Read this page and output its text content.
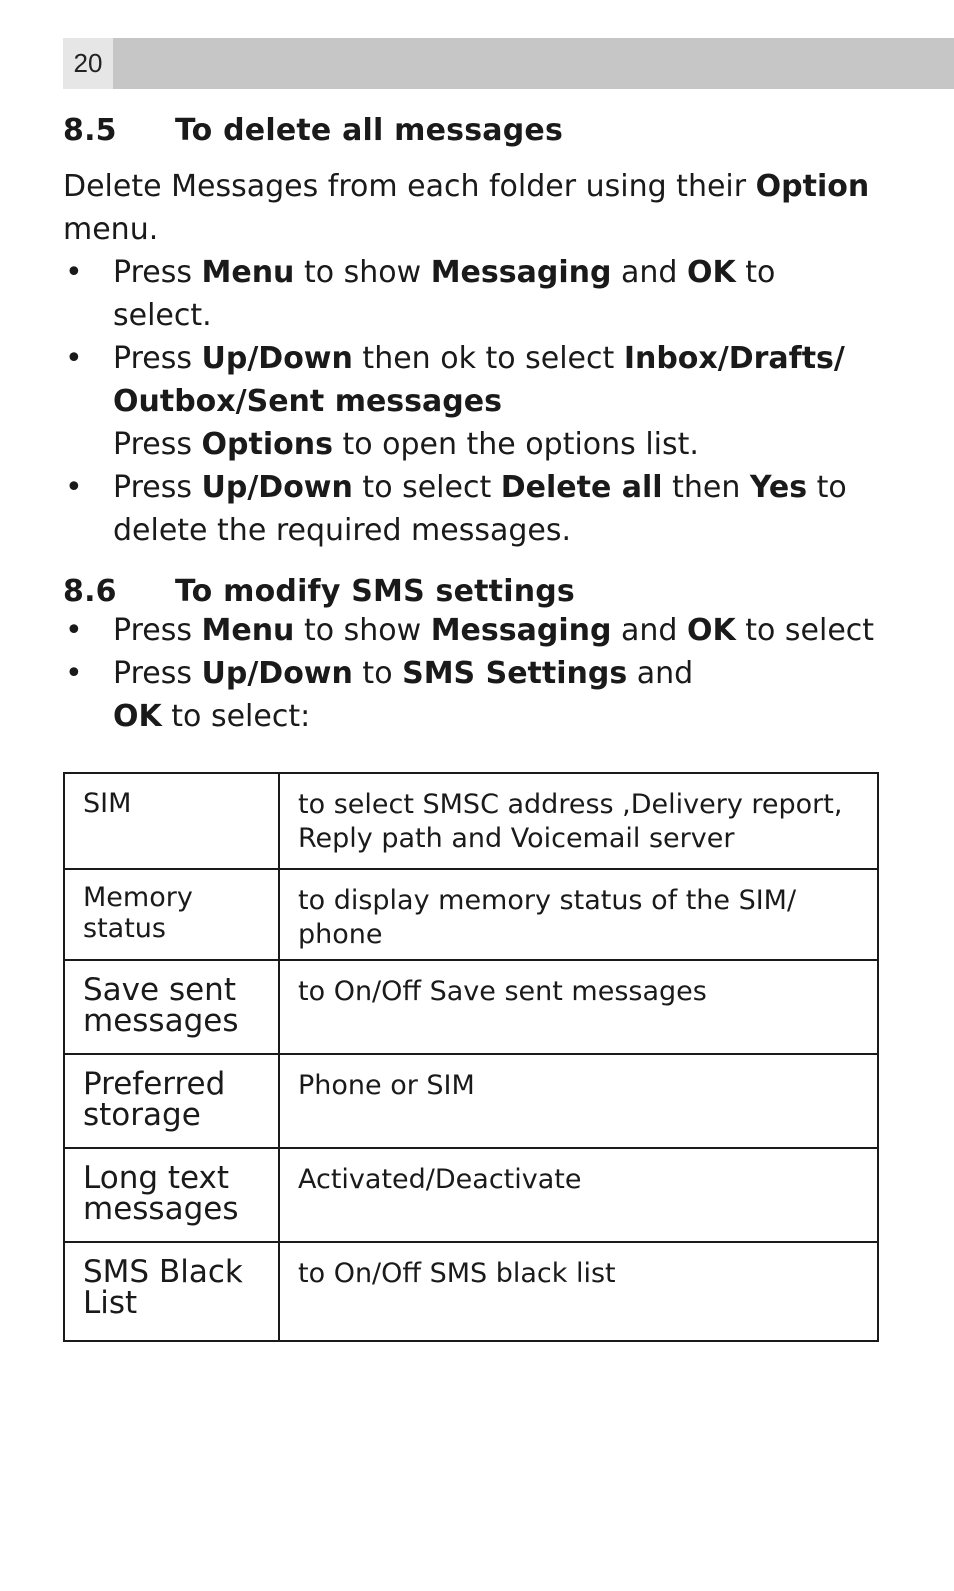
20
8.5 To delete all messages

Delete Messages from each folder using their Option menu.

• Press Menu to show Messaging and OK to select.
• Press Up/Down then ok to select Inbox/Drafts/ Outbox/Sent messages
Press Options to open the options list.
• Press Up/Down to select Delete all then Yes to delete the required messages.
8.6 To modify SMS settings
• Press Menu to show Messaging and OK to select
• Press Up/Down to SMS Settings and
OK to select:
SIM	to select SMSC address ,Delivery report, Reply path and Voicemail server
Memory status	to display memory status of the SIM/ phone
Save sent messages	to On/Off Save sent messages
Preferred storage	Phone or SIM
Long text messages	Activated/Deactivate
SMS Black List	to On/Off SMS black list
